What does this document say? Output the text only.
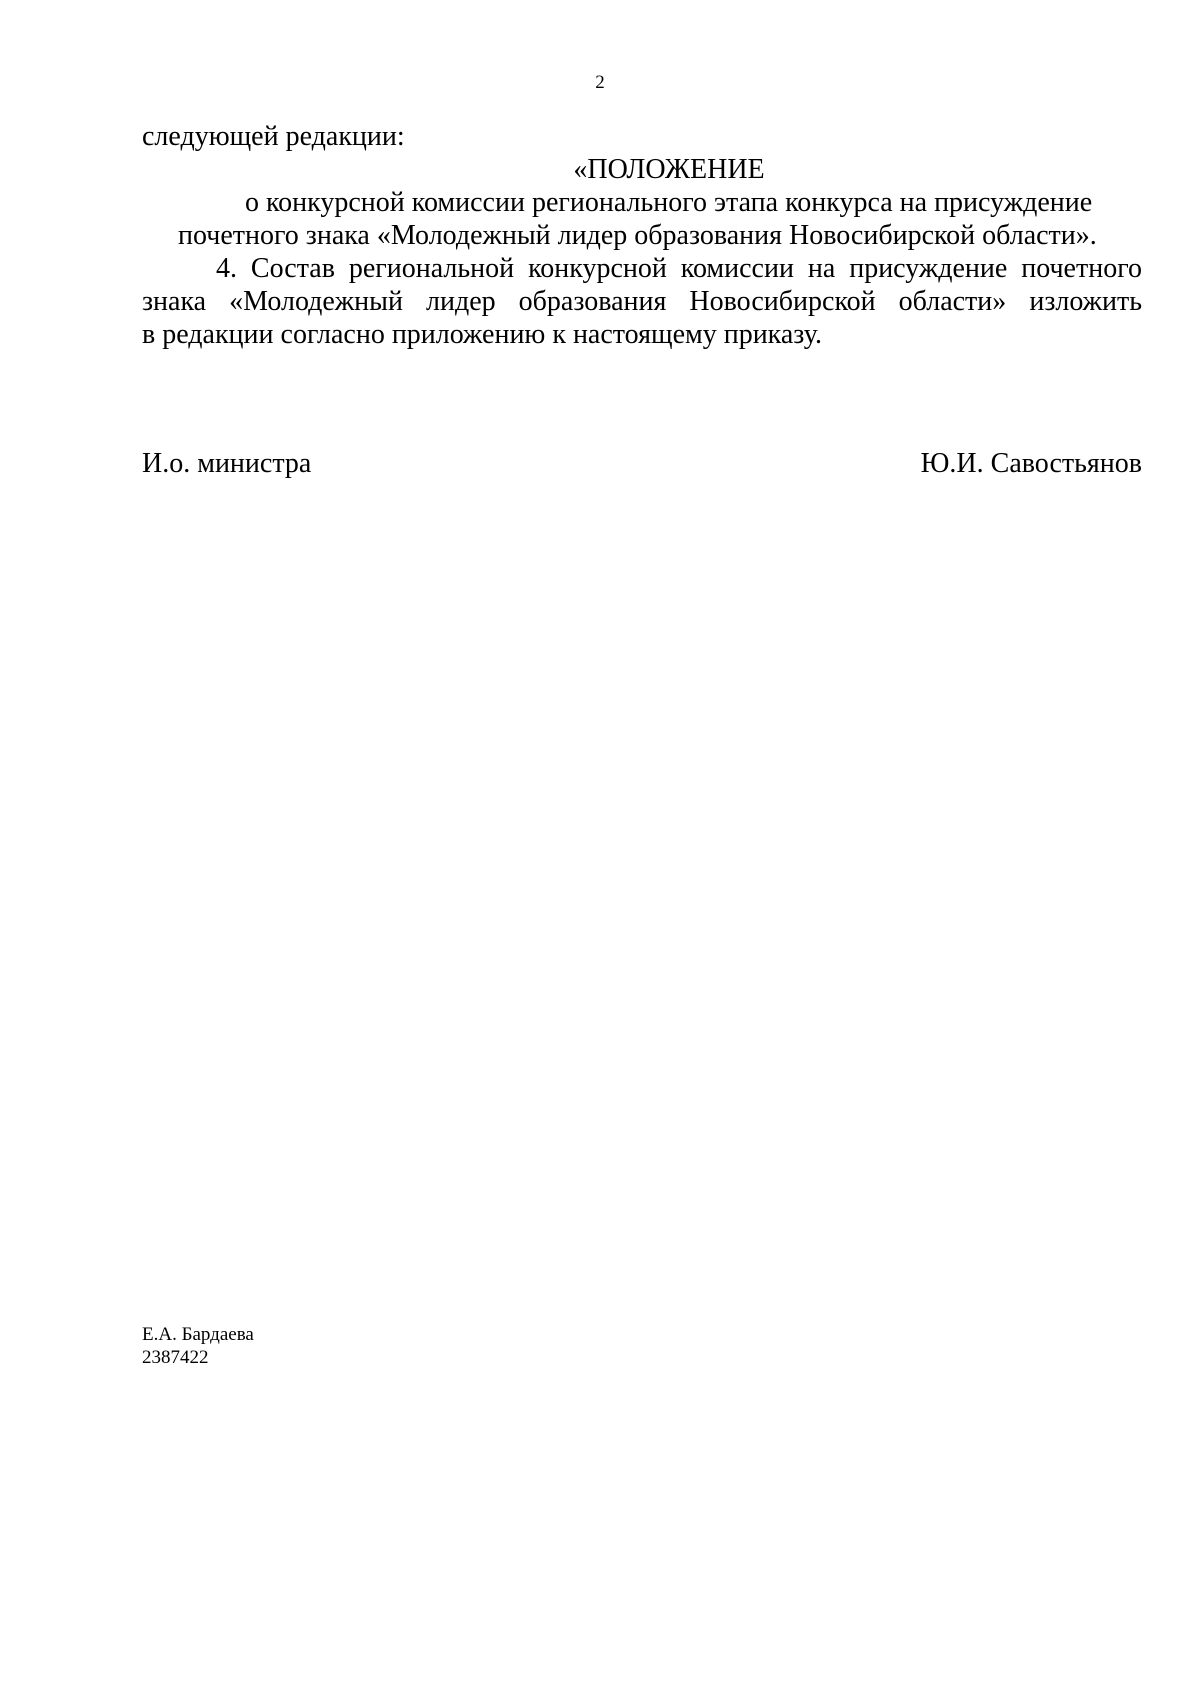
2
следующей редакции:
«ПОЛОЖЕНИЕ
о конкурсной комиссии регионального этапа конкурса на присуждение
почетного знака «Молодежный лидер образования Новосибирской области».
4. Состав региональной конкурсной комиссии на присуждение почетного
знака «Молодежный лидер образования Новосибирской области» изложить
в редакции согласно приложению к настоящему приказу.
И.о. министра	Ю.И. Савостьянов
Е.А. Бардаева
2387422
